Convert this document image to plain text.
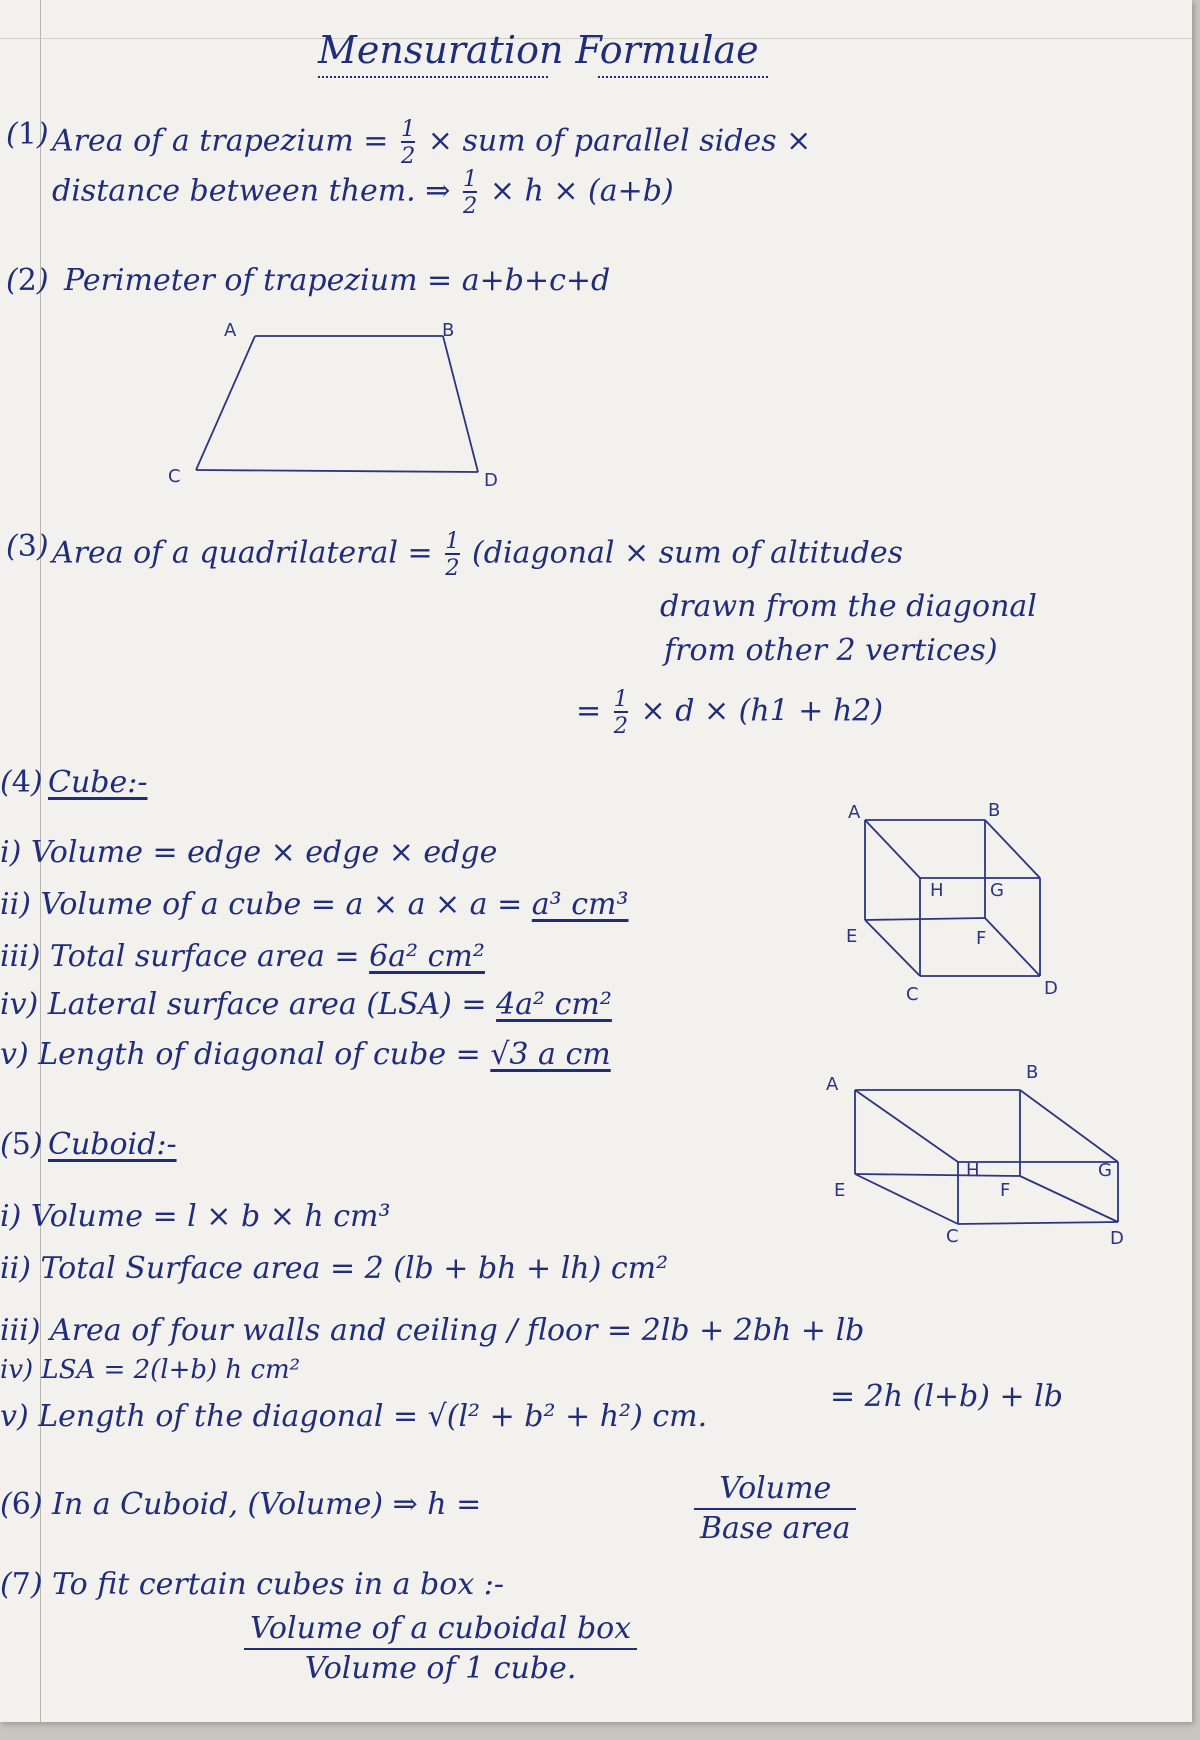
Mensuration Formulae
(1) Area of a trapezium = $\frac{1}{2}$ × sum of parallel sides ×
distance between them. ⇒ $\frac{1}{2} \times h \times (a+b)$
(2) Perimeter of trapezium = a+b+c+d
A	B
C	D
(3) Area of a quadrilateral = $\frac{1}{2}$ (diagonal × sum of altitudes
drawn from the diagonal
from other 2 vertices)
= $\frac{1}{2} \times d \times (h1 + h2)$
(4) Cube:-
i) Volume = edge × edge × edge
ii) Volume of a cube = a × a × a = a³ cm³
iii) Total surface area = 6a² cm²
iv) Lateral surface area (LSA) = 4a² cm²
v) Length of diagonal of cube = √3 a cm
A	B
C	D
E	F
H	G
(5) Cuboid:-
i) Volume = l × b × h cm³
ii) Total Surface area = 2 (lb + bh + lh) cm²
iii) Area of four walls and ceiling / floor = 2lb + 2bh + lb
iv) LSA = 2(l+b) h cm²
= 2h (l+b) + lb
v) Length of the diagonal = √(l² + b² + h²) cm.
A
B
C	D
E	F
H	G
(6) In a Cuboid, (Volume) ⇒ h =	Volume
Base area
(7) To fit certain cubes in a box :-
Volume of a cuboidal box
Volume of 1 cube.
